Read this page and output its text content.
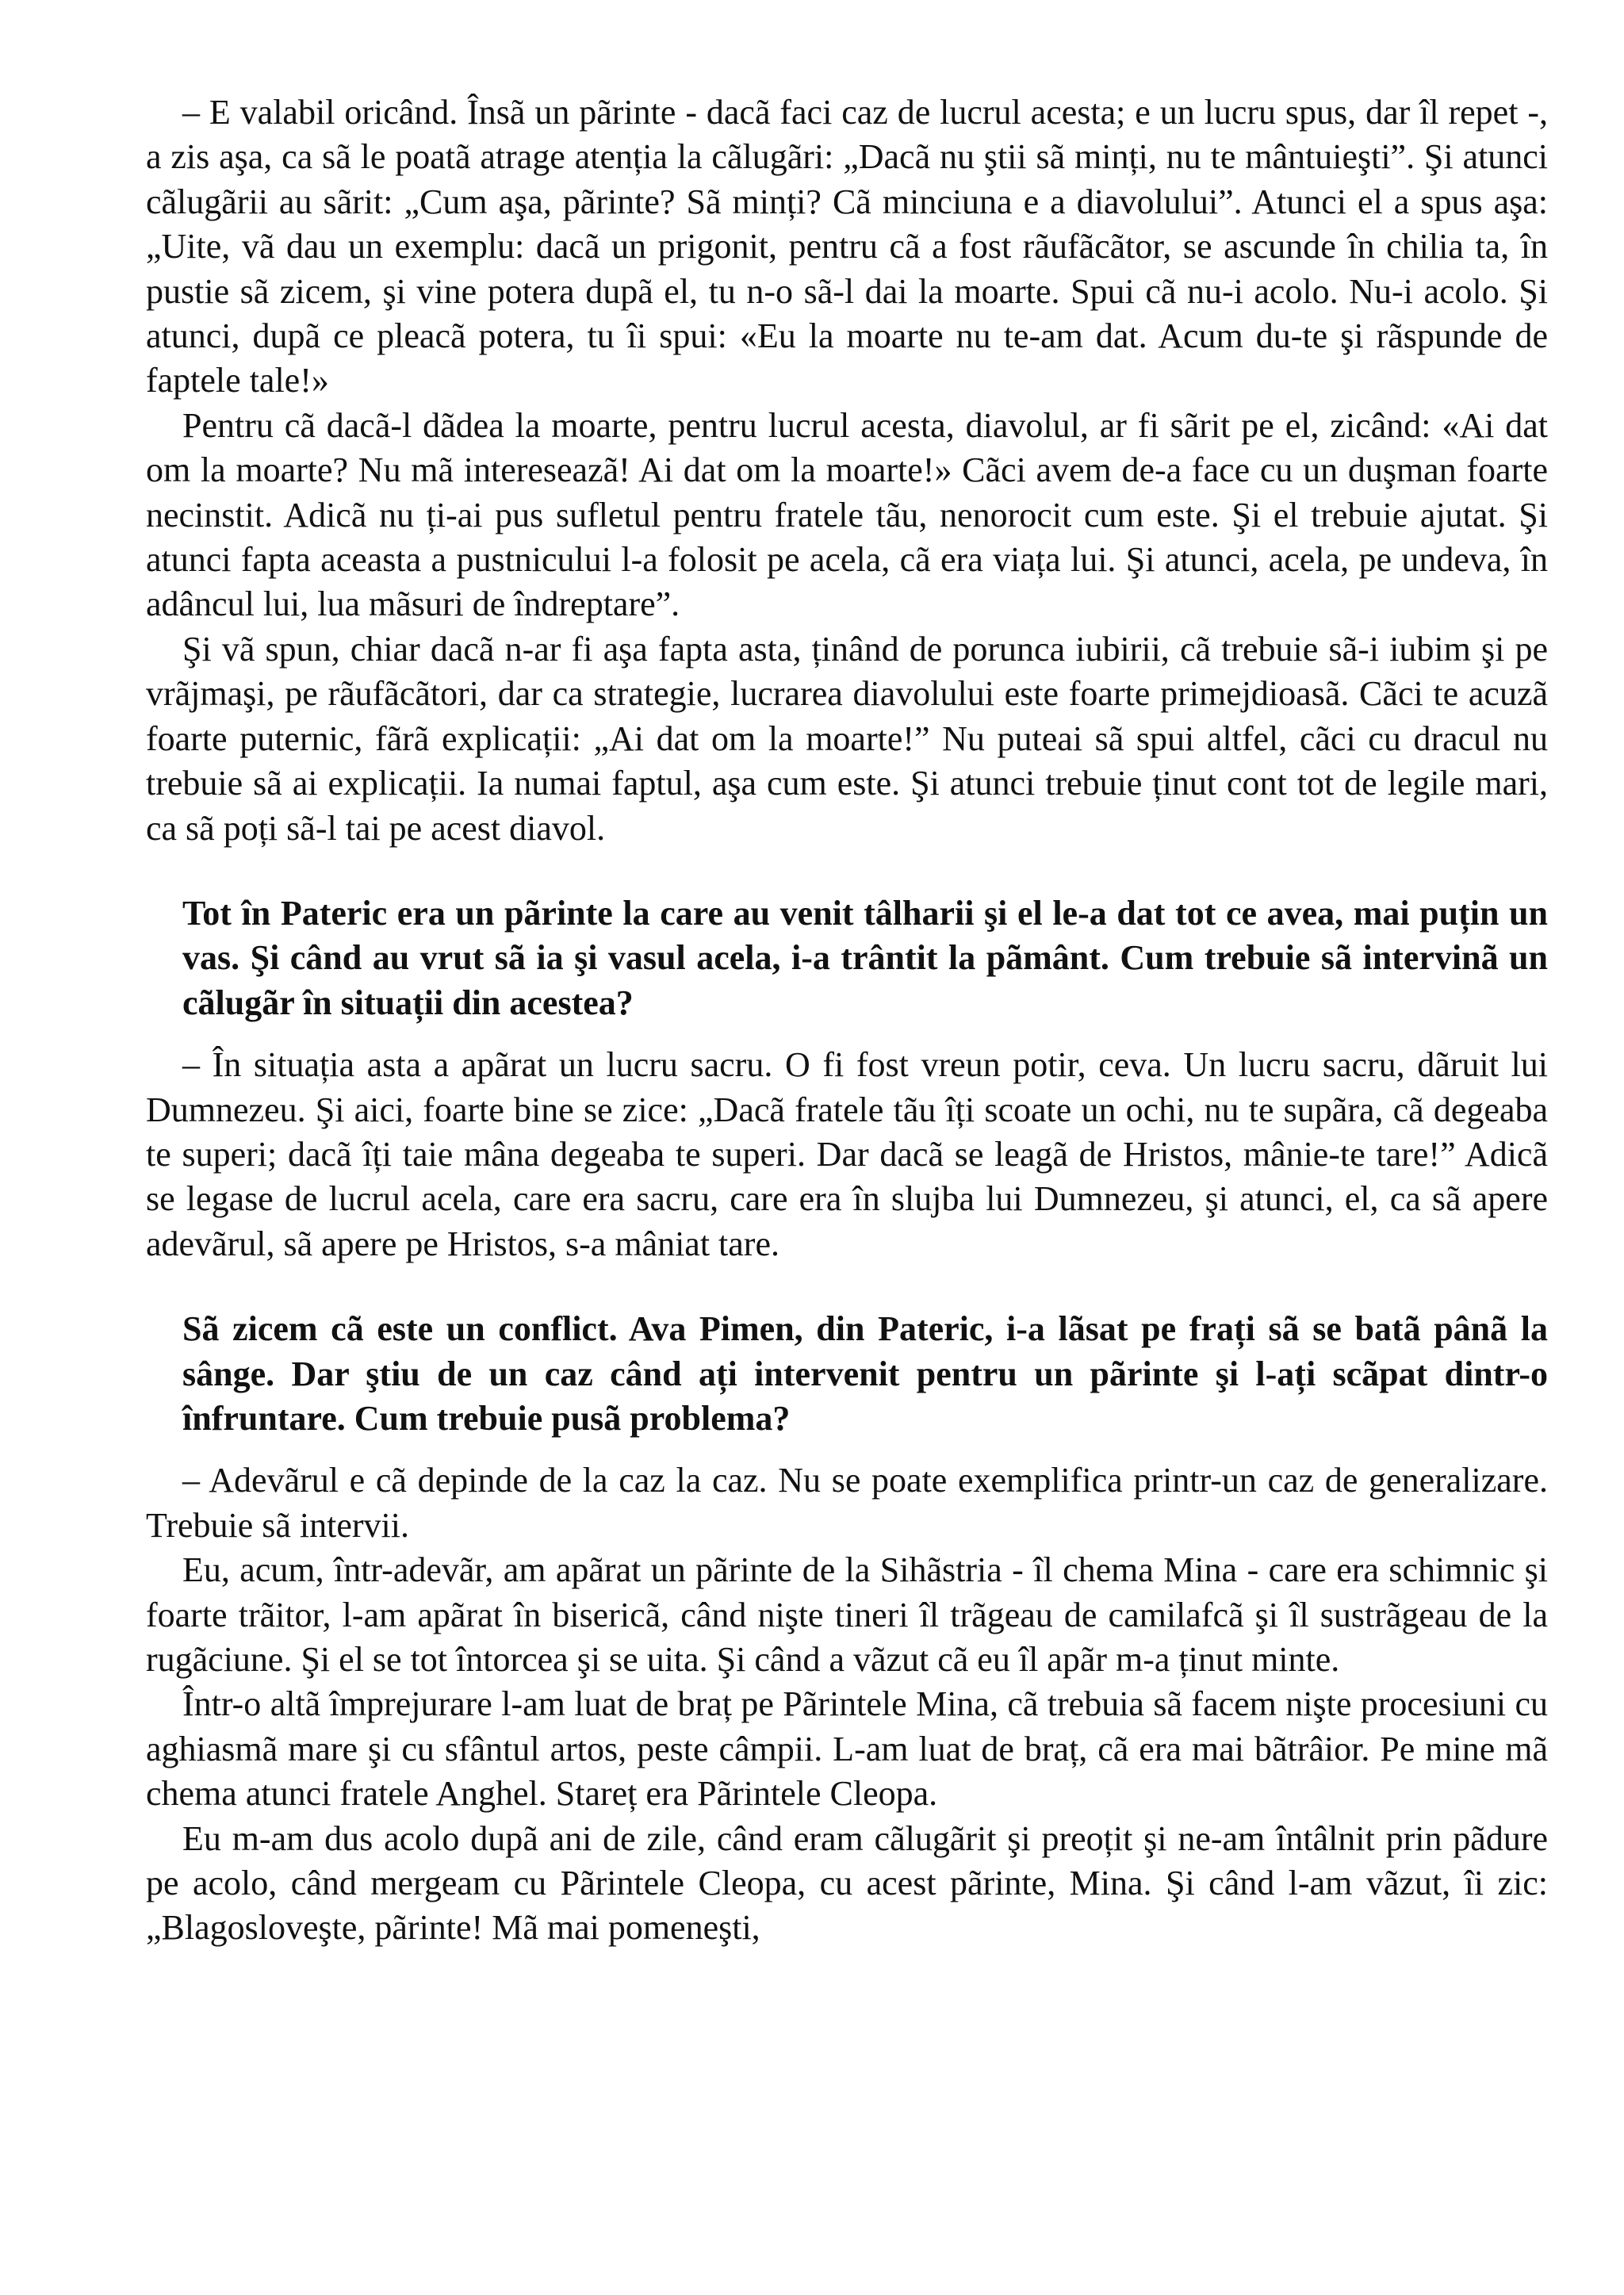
– E valabil oricând. Însã un pãrinte - dacã faci caz de lucrul acesta; e un lucru spus, dar îl repet -, a zis aşa, ca sã le poatã atrage atenția la cãlugãri: „Dacã nu ştii sã minți, nu te mântuieşti”. Şi atunci cãlugãrii au sãrit: „Cum aşa, pãrinte? Sã minți? Cã minciuna e a diavolului”. Atunci el a spus aşa: „Uite, vã dau un exemplu: dacã un prigonit, pentru cã a fost rãufãcãtor, se ascunde în chilia ta, în pustie sã zicem, şi vine potera dupã el, tu n-o sã-l dai la moarte. Spui cã nu-i acolo. Nu-i acolo. Şi atunci, dupã ce pleacã potera, tu îi spui: «Eu la moarte nu te-am dat. Acum du-te şi rãspunde de faptele tale!»

Pentru cã dacã-l dãdea la moarte, pentru lucrul acesta, diavolul, ar fi sãrit pe el, zicând: «Ai dat om la moarte? Nu mã intereseazã! Ai dat om la moarte!» Cãci avem de-a face cu un duşman foarte necinstit. Adicã nu ți-ai pus sufletul pentru fratele tãu, nenorocit cum este. Şi el trebuie ajutat. Şi atunci fapta aceasta a pustnicului l-a folosit pe acela, cã era viața lui. Şi atunci, acela, pe undeva, în adâncul lui, lua mãsuri de îndreptare”.

Şi vã spun, chiar dacã n-ar fi aşa fapta asta, ținând de porunca iubirii, cã trebuie sã-i iubim şi pe vrãjmaşi, pe rãufãcãtori, dar ca strategie, lucrarea diavolului este foarte primejdioasã. Cãci te acuzã foarte puternic, fãrã explicații: „Ai dat om la moarte!” Nu puteai sã spui altfel, cãci cu dracul nu trebuie sã ai explicații. Ia numai faptul, aşa cum este. Şi atunci trebuie ținut cont tot de legile mari, ca sã poți sã-l tai pe acest diavol.

Tot în Pateric era un pãrinte la care au venit tâlharii şi el le-a dat tot ce avea, mai puțin un vas. Şi când au vrut sã ia şi vasul acela, i-a trântit la pãmânt. Cum trebuie sã intervinã un cãlugãr în situații din acestea?

– În situația asta a apãrat un lucru sacru. O fi fost vreun potir, ceva. Un lucru sacru, dãruit lui Dumnezeu. Şi aici, foarte bine se zice: „Dacã fratele tãu îți scoate un ochi, nu te supãra, cã degeaba te superi; dacã îți taie mâna degeaba te superi. Dar dacã se leagã de Hristos, mânie-te tare!” Adicã se legase de lucrul acela, care era sacru, care era în slujba lui Dumnezeu, şi atunci, el, ca sã apere adevãrul, sã apere pe Hristos, s-a mâniat tare.

Sã zicem cã este un conflict. Ava Pimen, din Pateric, i-a lãsat pe frați sã se batã pânã la sânge. Dar ştiu de un caz când ați intervenit pentru un pãrinte şi l-ați scãpat dintr-o înfruntare. Cum trebuie pusã problema?

– Adevãrul e cã depinde de la caz la caz. Nu se poate exemplifica printr-un caz de generalizare. Trebuie sã intervii.

Eu, acum, într-adevãr, am apãrat un pãrinte de la Sihãstria - îl chema Mina - care era schimnic şi foarte trãitor, l-am apãrat în bisericã, când nişte tineri îl trãgeau de camilafcã şi îl sustrãgeau de la rugãciune. Şi el se tot întorcea şi se uita. Şi când a vãzut cã eu îl apãr m-a ținut minte.

Într-o altã împrejurare l-am luat de braț pe Pãrintele Mina, cã trebuia sã facem nişte procesiuni cu aghiasmã mare şi cu sfântul artos, peste câmpii. L-am luat de braț, cã era mai bãtrâior. Pe mine mã chema atunci fratele Anghel. Stareț era Pãrintele Cleopa.

Eu m-am dus acolo dupã ani de zile, când eram cãlugãrit şi preoțit şi ne-am întâlnit prin pãdure pe acolo, când mergeam cu Pãrintele Cleopa, cu acest pãrinte, Mina. Şi când l-am vãzut, îi zic: „Blagosloveşte, pãrinte! Mã mai pomeneşti,
